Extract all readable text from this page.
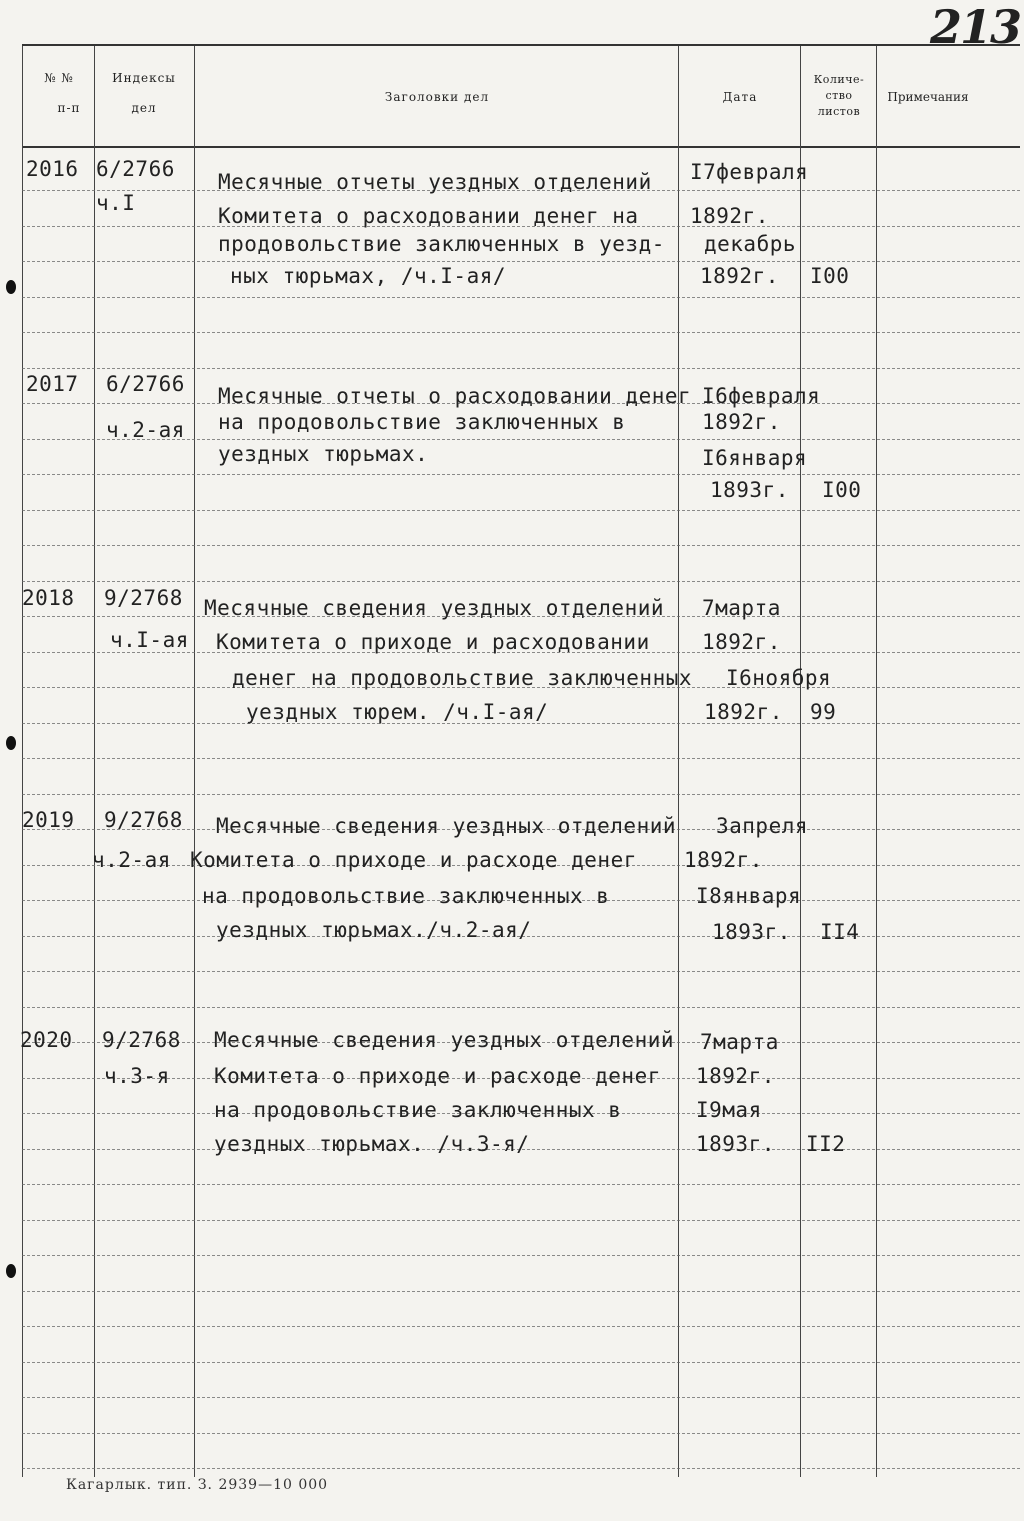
213
№ №
п-п
Индексы
дел
Заголовки дел	Дата
Количе-
ство
листов
Примечания
2016 6/2766
ч.I
Месячные отчеты уездных отделений
Комитета о расходовании денег на
продовольствие заключенных в уезд-
ных тюрьмах, /ч.I-ая/
I7февраля
1892г.
декабрь
1892г. I00
2017 6/2766
ч.2-ая
Месячные отчеты о расходовании денег
на продовольствие заключенных в
уездных тюрьмах.
I6февраля
1892г.
I6января
1893г. I00
2018 9/2768
ч.I-ая
Месячные сведения уездных отделений
Комитета о приходе и расходовании
денег на продовольствие заключенных
уездных тюрем. /ч.I-ая/
7марта
1892г.
I6ноября
1892г. 99
2019 9/2768
ч.2-ая
Месячные сведения уездных отделений
Комитета о приходе и расходе денег
на продовольствие заключенных в
уездных тюрьмах./ч.2-ая/
3апреля
1892г.
I8января
1893г. II4
2020 9/2768
ч.3-я
Месячные сведения уездных отделений
Комитета о приходе и расходе денег
на продовольствие заключенных в
уездных тюрьмах. /ч.3-я/
7марта
1892г.
I9мая
1893г. II2
Кагарлык. тип. З. 2939—10 000
